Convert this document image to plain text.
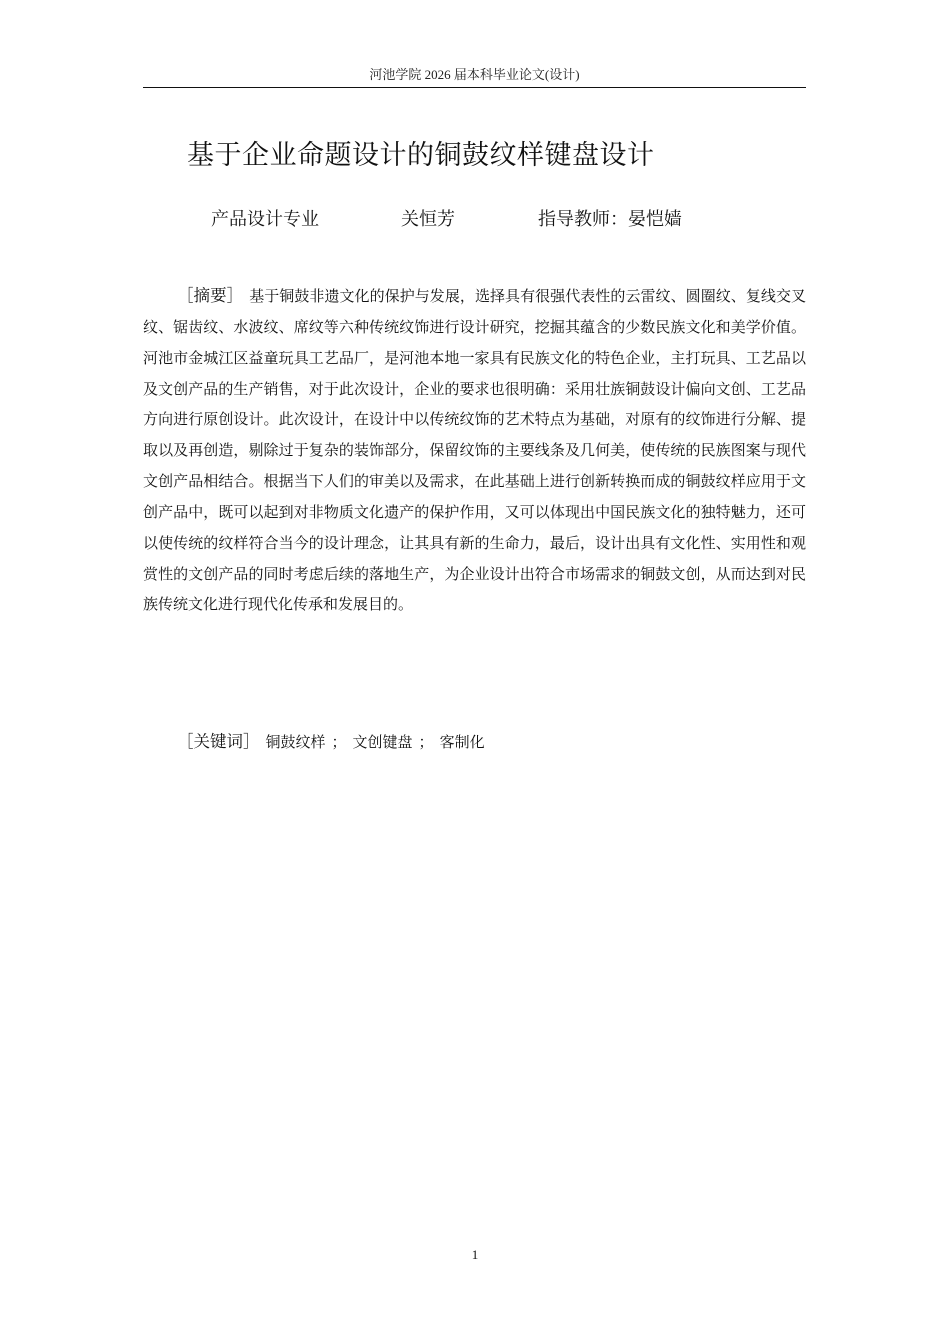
河池学院 2026 届本科毕业论文(设计)
基于企业命题设计的铜鼓纹样键盘设计
产品设计专业	关恒芳	指导教师：晏恺嫱

［摘要］ 基于铜鼓非遗文化的保护与发展，选择具有很强代表性的云雷纹、圆圈纹、复线交叉纹、锯齿纹、水波纹、席纹等六种传统纹饰进行设计研究，挖掘其蕴含的少数民族文化和美学价值。河池市金城江区益童玩具工艺品厂，是河池本地一家具有民族文化的特色企业，主打玩具、工艺品以及文创产品的生产销售，对于此次设计，企业的要求也很明确：采用壮族铜鼓设计偏向文创、工艺品方向进行原创设计。此次设计，在设计中以传统纹饰的艺术特点为基础，对原有的纹饰进行分解、提取以及再创造，剔除过于复杂的装饰部分，保留纹饰的主要线条及几何美，使传统的民族图案与现代文创产品相结合。根据当下人们的审美以及需求，在此基础上进行创新转换而成的铜鼓纹样应用于文创产品中，既可以起到对非物质文化遗产的保护作用，又可以体现出中国民族文化的独特魅力，还可以使传统的纹样符合当今的设计理念，让其具有新的生命力，最后，设计出具有文化性、实用性和观赏性的文创产品的同时考虑后续的落地生产，为企业设计出符合市场需求的铜鼓文创，从而达到对民族传统文化进行现代化传承和发展目的。

［关键词］ 铜鼓纹样 ； 文创键盘 ； 客制化
1
